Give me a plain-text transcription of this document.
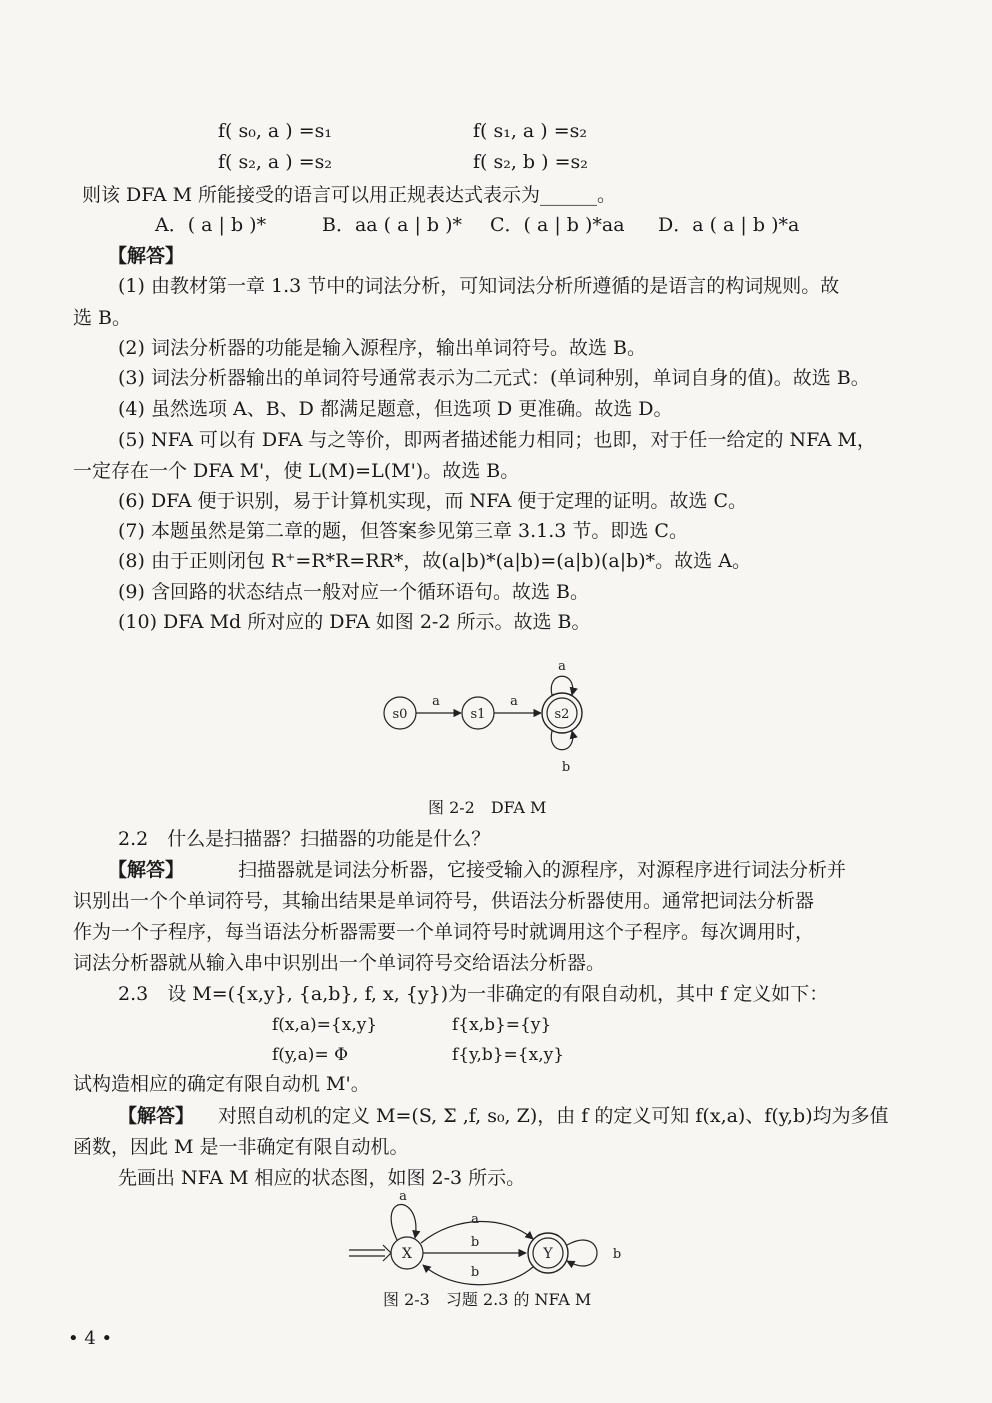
f( s₀, a ) =s₁	f( s₁, a ) =s₂
f( s₂, a ) =s₂	f( s₂, b ) =s₂
则该 DFA M 所能接受的语言可以用正规表达式表示为______。
A．( a | b )*	B．aa ( a | b )* C．( a | b )*aa D．a ( a | b )*a
【解答】
(1) 由教材第一章 1.3 节中的词法分析，可知词法分析所遵循的是语言的构词规则。故
选 B。
(2) 词法分析器的功能是输入源程序，输出单词符号。故选 B。
(3) 词法分析器输出的单词符号通常表示为二元式：(单词种别，单词自身的值)。故选 B。
(4) 虽然选项 A、B、D 都满足题意，但选项 D 更准确。故选 D。
(5) NFA 可以有 DFA 与之等价，即两者描述能力相同；也即，对于任一给定的 NFA M，
一定存在一个 DFA M'，使 L(M)=L(M')。故选 B。
(6) DFA 便于识别，易于计算机实现，而 NFA 便于定理的证明。故选 C。
(7) 本题虽然是第二章的题，但答案参见第三章 3.1.3 节。即选 C。
(8) 由于正则闭包 R⁺=R*R=RR*，故(a|b)*(a|b)=(a|b)(a|b)*。故选 A。
(9) 含回路的状态结点一般对应一个循环语句。故选 B。
(10) DFA Md 所对应的 DFA 如图 2-2 所示。故选 B。
s0	s1	s2
a	a
a
b
图 2-2　DFA M
2.2　什么是扫描器？扫描器的功能是什么？
【解答】	扫描器就是词法分析器，它接受输入的源程序，对源程序进行词法分析并
识别出一个个单词符号，其输出结果是单词符号，供语法分析器使用。通常把词法分析器
作为一个子程序，每当语法分析器需要一个单词符号时就调用这个子程序。每次调用时，
词法分析器就从输入串中识别出一个单词符号交给语法分析器。
2.3　设 M=({x,y}, {a,b}, f, x, {y})为一非确定的有限自动机，其中 f 定义如下：
f(x,a)={x,y}	f{x,b}={y}
f(y,a)= Φ	f{y,b}={x,y}
试构造相应的确定有限自动机 M'。
【解答】 对照自动机的定义 M=(S, Σ ,f, s₀, Z)，由 f 的定义可知 f(x,a)、f(y,b)均为多值
函数，因此 M 是一非确定有限自动机。
先画出 NFA M 相应的状态图，如图 2-3 所示。
X
a
Y
a
b
b
b
图 2-3　习题 2.3 的 NFA M
• 4 •
